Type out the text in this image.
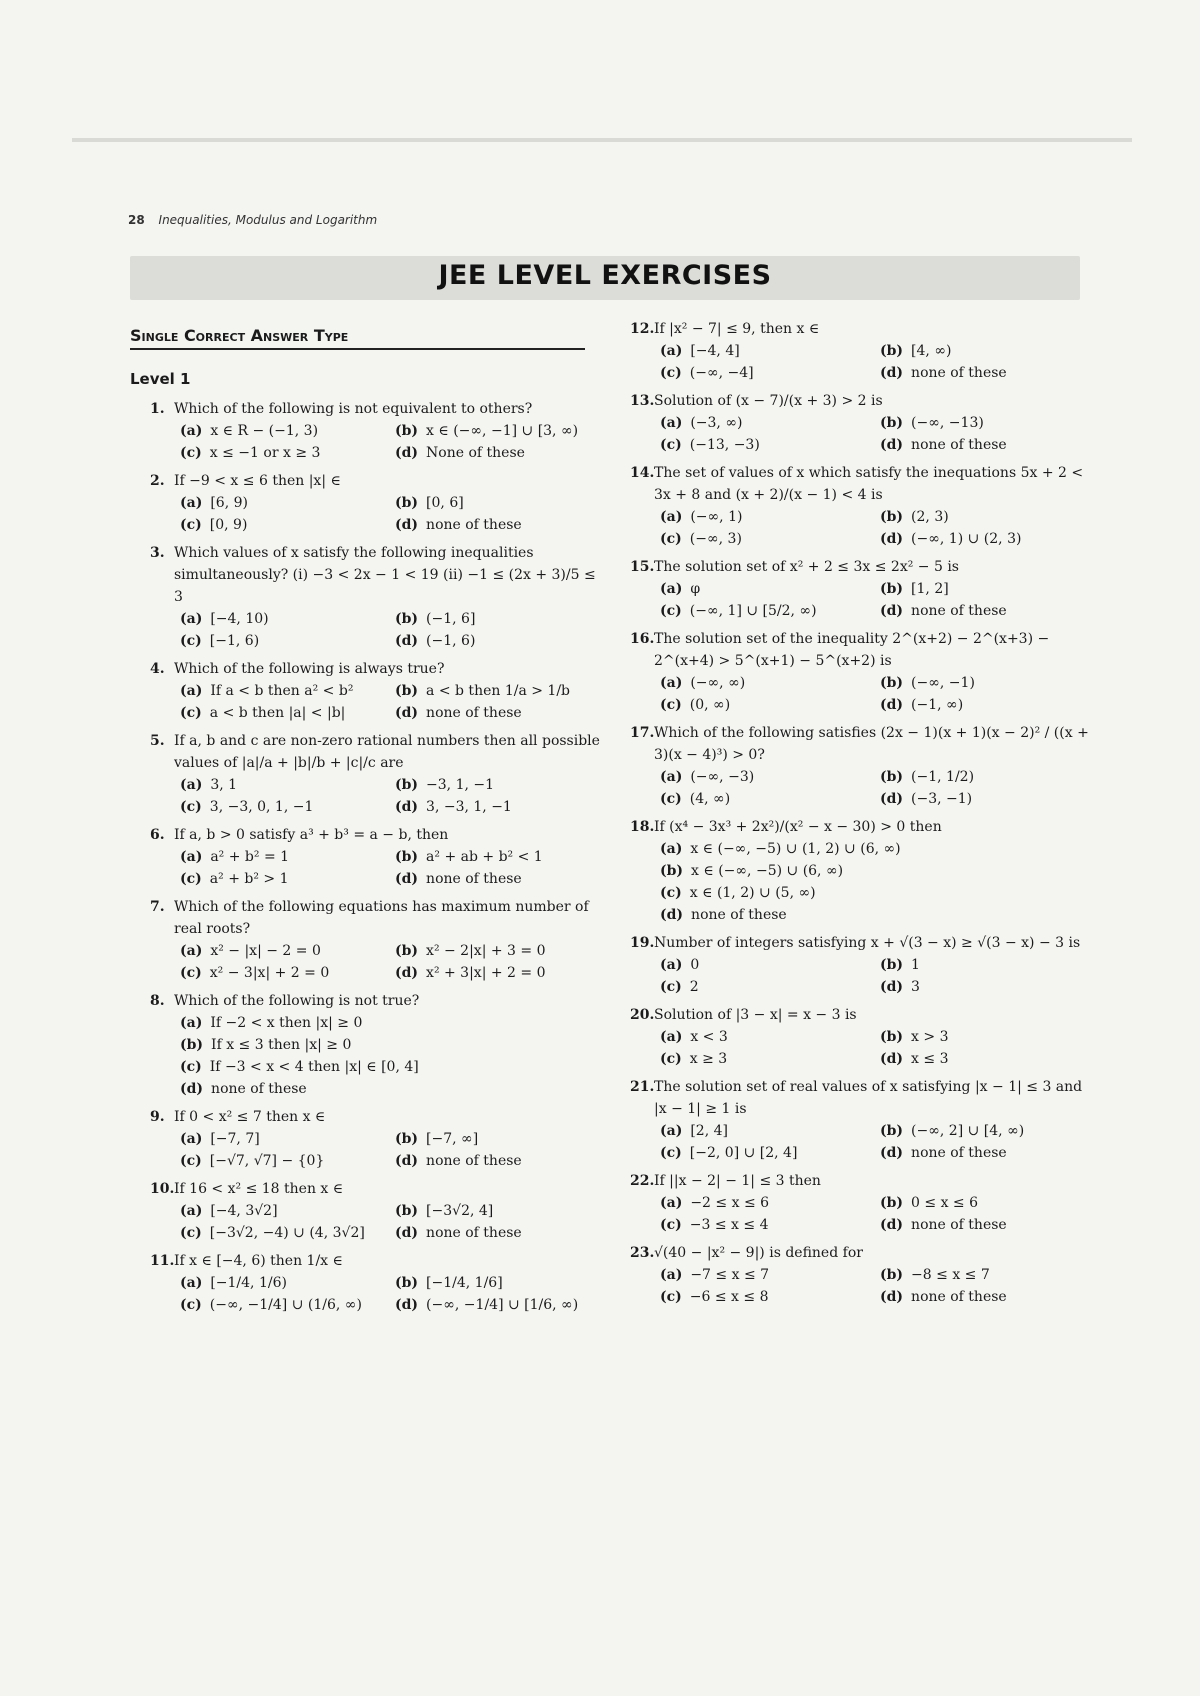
28 Inequalities, Modulus and Logarithm
JEE LEVEL EXERCISES
Single Correct Answer Type
Level 1
1. Which of the following is not equivalent to others?
(a) x ∈ R − (−1, 3)	(b) x ∈ (−∞, −1] ∪ [3, ∞)
(c) x ≤ −1 or x ≥ 3	(d) None of these
2. If −9 < x ≤ 6 then |x| ∈
(a) [6, 9)	(b) [0, 6]
(c) [0, 9)	(d) none of these
3. Which values of x satisfy the following inequalities simultaneously? (i) −3 < 2x − 1 < 19 (ii) −1 ≤ (2x + 3)/5 ≤ 3
(a) [−4, 10)	(b) (−1, 6]
(c) [−1, 6)	(d) (−1, 6)
4. Which of the following is always true?
(a) If a < b then a² < b²	(b) a < b then 1/a > 1/b
(c) a < b then |a| < |b|	(d) none of these
5. If a, b and c are non-zero rational numbers then all possible values of |a|/a + |b|/b + |c|/c are
(a) 3, 1	(b) −3, 1, −1
(c) 3, −3, 0, 1, −1	(d) 3, −3, 1, −1
6. If a, b > 0 satisfy a³ + b³ = a − b, then
(a) a² + b² = 1	(b) a² + ab + b² < 1
(c) a² + b² > 1	(d) none of these
7. Which of the following equations has maximum number of real roots?
(a) x² − |x| − 2 = 0	(b) x² − 2|x| + 3 = 0
(c) x² − 3|x| + 2 = 0	(d) x² + 3|x| + 2 = 0
8. Which of the following is not true?
(a) If −2 < x then |x| ≥ 0
(b) If x ≤ 3 then |x| ≥ 0
(c) If −3 < x < 4 then |x| ∈ [0, 4]
(d) none of these
9. If 0 < x² ≤ 7 then x ∈
(a) [−7, 7]	(b) [−7, ∞]
(c) [−√7, √7] − {0}	(d) none of these
10. If 16 < x² ≤ 18 then x ∈
(a) [−4, 3√2]	(b) [−3√2, 4]
(c) [−3√2, −4) ∪ (4, 3√2]	(d) none of these
11. If x ∈ [−4, 6) then 1/x ∈
(a) [−1/4, 1/6)	(b) [−1/4, 1/6]
(c) (−∞, −1/4] ∪ (1/6, ∞)	(d) (−∞, −1/4] ∪ [1/6, ∞)
12. If |x² − 7| ≤ 9, then x ∈
(a) [−4, 4]	(b) [4, ∞)
(c) (−∞, −4]	(d) none of these
13. Solution of (x − 7)/(x + 3) > 2 is
(a) (−3, ∞)	(b) (−∞, −13)
(c) (−13, −3)	(d) none of these
14. The set of values of x which satisfy the inequations 5x + 2 < 3x + 8 and (x + 2)/(x − 1) < 4 is
(a) (−∞, 1)	(b) (2, 3)
(c) (−∞, 3)	(d) (−∞, 1) ∪ (2, 3)
15. The solution set of x² + 2 ≤ 3x ≤ 2x² − 5 is
(a) φ	(b) [1, 2]
(c) (−∞, 1] ∪ [5/2, ∞)	(d) none of these
16. The solution set of the inequality 2^(x+2) − 2^(x+3) − 2^(x+4) > 5^(x+1) − 5^(x+2) is
(a) (−∞, ∞)	(b) (−∞, −1)
(c) (0, ∞)	(d) (−1, ∞)
17. Which of the following satisfies (2x − 1)(x + 1)(x − 2)² / ((x + 3)(x − 4)³) > 0?
(a) (−∞, −3)	(b) (−1, 1/2)
(c) (4, ∞)	(d) (−3, −1)
18. If (x⁴ − 3x³ + 2x²)/(x² − x − 30) > 0 then
(a) x ∈ (−∞, −5) ∪ (1, 2) ∪ (6, ∞)
(b) x ∈ (−∞, −5) ∪ (6, ∞)
(c) x ∈ (1, 2) ∪ (5, ∞)
(d) none of these
19. Number of integers satisfying x + √(3 − x) ≥ √(3 − x) − 3 is
(a) 0	(b) 1
(c) 2	(d) 3
20. Solution of |3 − x| = x − 3 is
(a) x < 3	(b) x > 3
(c) x ≥ 3	(d) x ≤ 3
21. The solution set of real values of x satisfying |x − 1| ≤ 3 and |x − 1| ≥ 1 is
(a) [2, 4]	(b) (−∞, 2] ∪ [4, ∞)
(c) [−2, 0] ∪ [2, 4]	(d) none of these
22. If ||x − 2| − 1| ≤ 3 then
(a) −2 ≤ x ≤ 6	(b) 0 ≤ x ≤ 6
(c) −3 ≤ x ≤ 4	(d) none of these
23. √(40 − |x² − 9|) is defined for
(a) −7 ≤ x ≤ 7	(b) −8 ≤ x ≤ 7
(c) −6 ≤ x ≤ 8	(d) none of these
